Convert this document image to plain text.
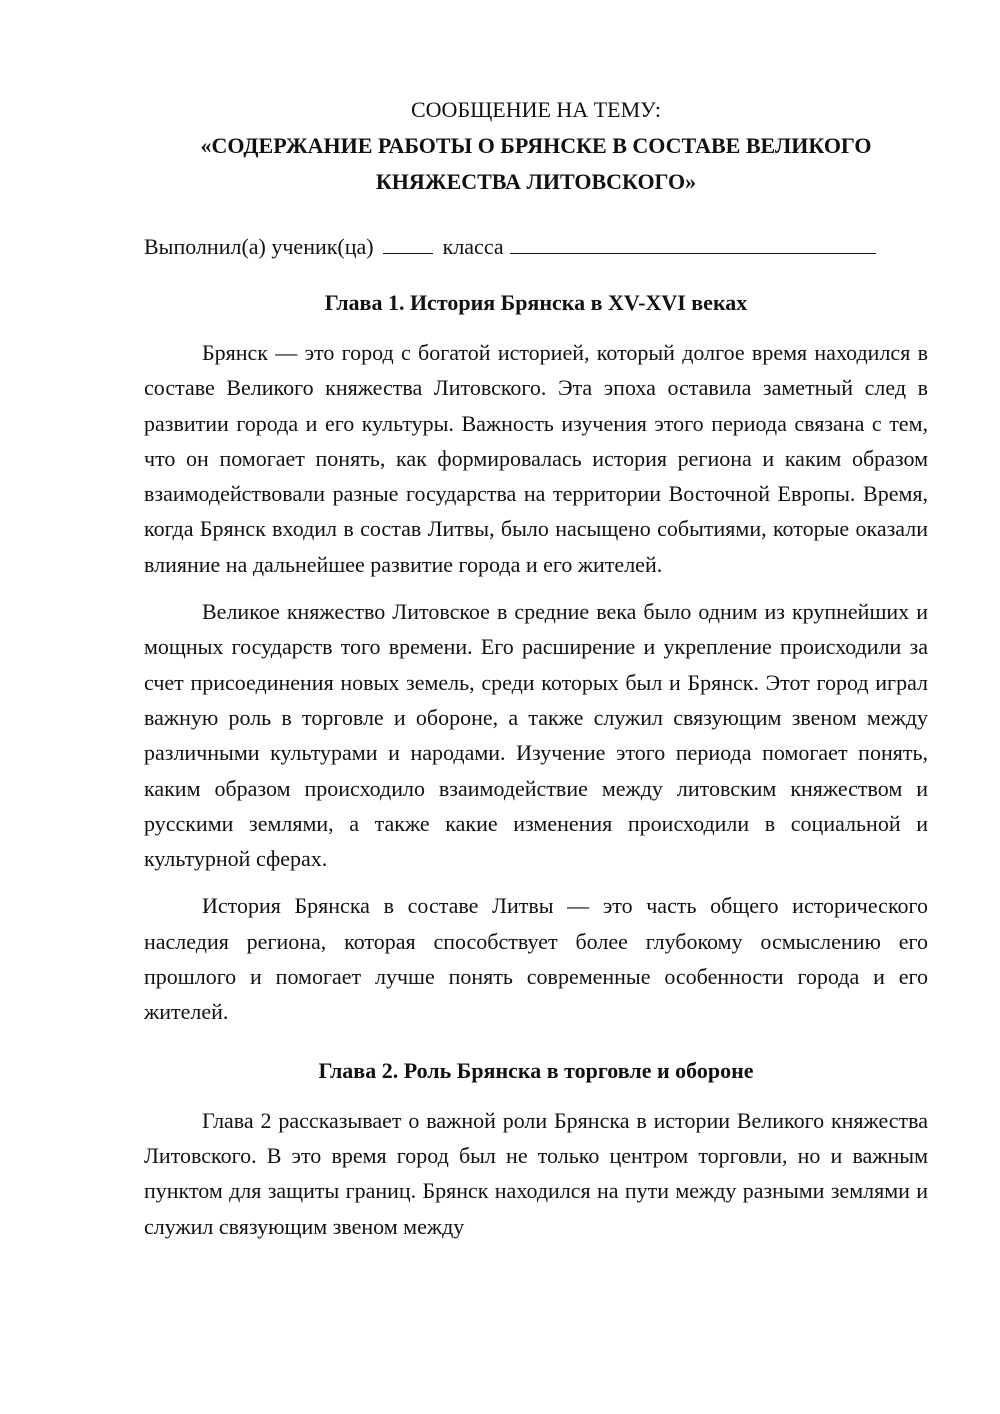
СООБЩЕНИЕ НА ТЕМУ:

«СОДЕРЖАНИЕ РАБОТЫ О БРЯНСКЕ В СОСТАВЕ ВЕЛИКОГО

КНЯЖЕСТВА ЛИТОВСКОГО»

Выполнил(а) ученик(ца)	класса

Глава 1. История Брянска в XV-XVI веках

Брянск — это город с богатой историей, который долгое время находился в составе Великого княжества Литовского. Эта эпоха оставила заметный след в развитии города и его культуры. Важность изучения этого периода связана с тем, что он помогает понять, как формировалась история региона и каким образом взаимодействовали разные государства на территории Восточной Европы. Время, когда Брянск входил в состав Литвы, было насыщено событиями, которые оказали влияние на дальнейшее развитие города и его жителей.

Великое княжество Литовское в средние века было одним из крупнейших и мощных государств того времени. Его расширение и укрепление происходили за счет присоединения новых земель, среди которых был и Брянск. Этот город играл важную роль в торговле и обороне, а также служил связующим звеном между различными культурами и народами. Изучение этого периода помогает понять, каким образом происходило взаимодействие между литовским княжеством и русскими землями, а также какие изменения происходили в социальной и культурной сферах.

История Брянска в составе Литвы — это часть общего исторического наследия региона, которая способствует более глубокому осмыслению его прошлого и помогает лучше понять современные особенности города и его жителей.

Глава 2. Роль Брянска в торговле и обороне

Глава 2 рассказывает о важной роли Брянска в истории Великого княжества Литовского. В это время город был не только центром торговли, но и важным пунктом для защиты границ. Брянск находился на пути между разными землями и служил связующим звеном между
